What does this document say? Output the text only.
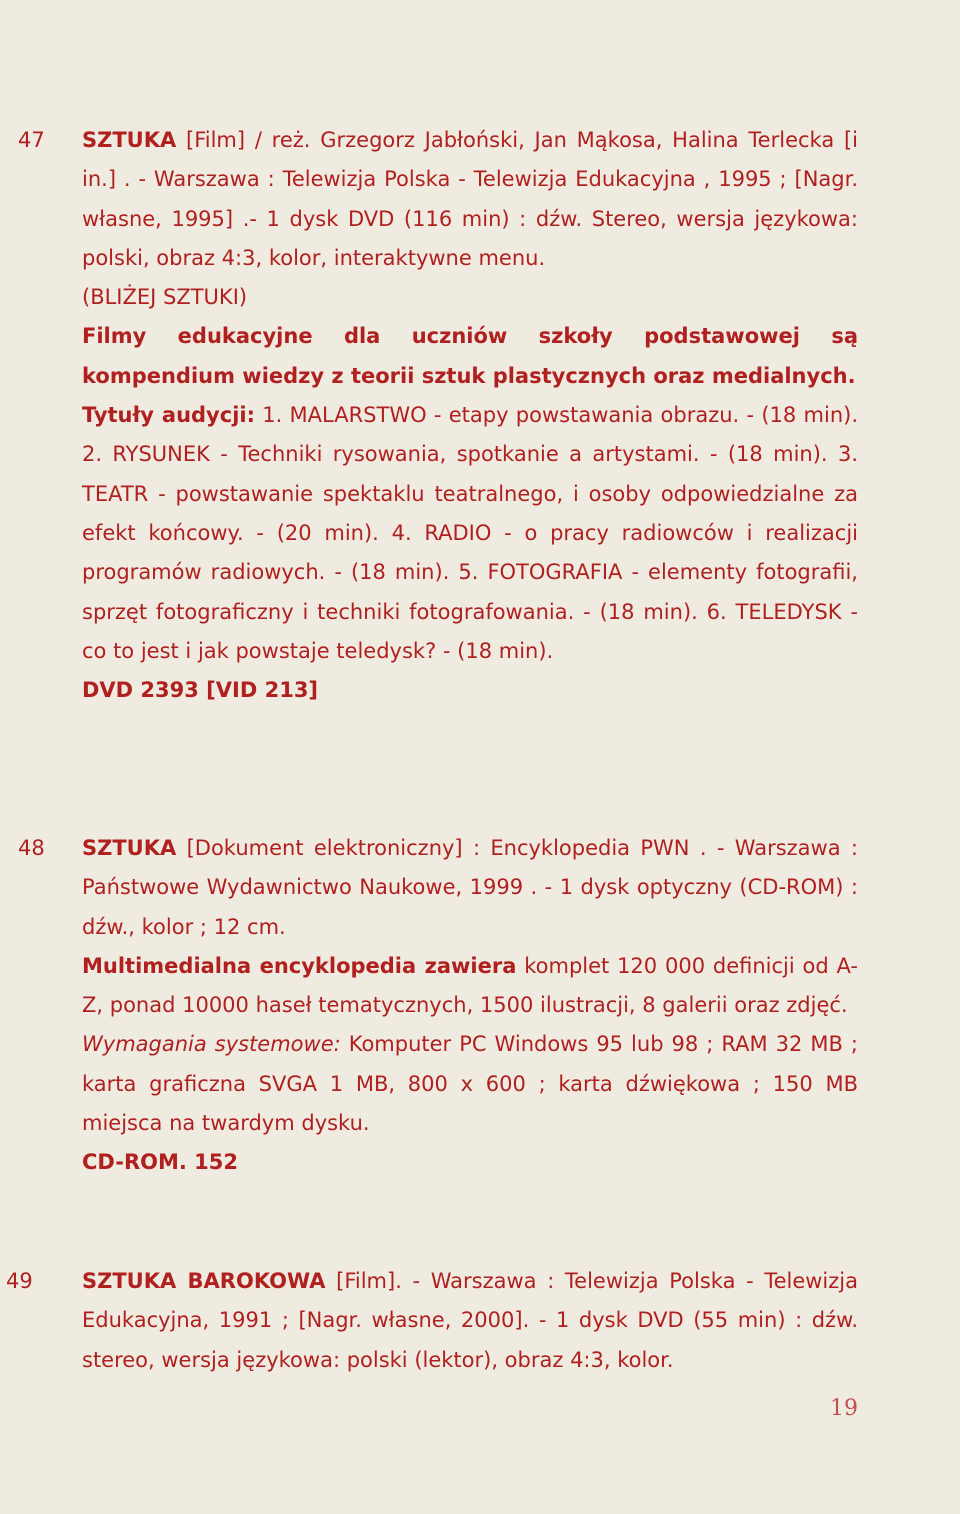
47 SZTUKA [Film] / reż. Grzegorz Jabłoński, Jan Mąkosa, Halina Terlecka [i in.] . - Warszawa : Telewizja Polska - Telewizja Edukacyjna , 1995 ; [Nagr. własne, 1995] .- 1 dysk DVD (116 min) : dźw. Stereo, wersja językowa: polski, obraz 4:3, kolor, interaktywne menu.

(BLIŻEJ SZTUKI)

Filmy edukacyjne dla uczniów szkoły podstawowej są kompendium wiedzy z teorii sztuk plastycznych oraz medialnych.

Tytuły audycji: 1. MALARSTWO - etapy powstawania obrazu. - (18 min). 2. RYSUNEK - Techniki rysowania, spotkanie a artystami. - (18 min). 3. TEATR - powstawanie spektaklu teatralnego, i osoby odpowiedzialne za efekt końcowy. - (20 min). 4. RADIO - o pracy radiowców i realizacji programów radiowych. - (18 min). 5. FOTOGRAFIA - elementy fotografii, sprzęt fotograficzny i techniki fotografowania. - (18 min). 6. TELEDYSK - co to jest i jak powstaje teledysk? - (18 min).

DVD 2393 [VID 213]

48 SZTUKA [Dokument elektroniczny] : Encyklopedia PWN . - Warszawa : Państwowe Wydawnictwo Naukowe, 1999 . - 1 dysk optyczny (CD-ROM) : dźw., kolor ; 12 cm.

Multimedialna encyklopedia zawiera komplet 120 000 definicji od A-Z, ponad 10000 haseł tematycznych, 1500 ilustracji, 8 galerii oraz zdjęć.

Wymagania systemowe: Komputer PC Windows 95 lub 98 ; RAM 32 MB ; karta graficzna SVGA 1 MB, 800 x 600 ; karta dźwiękowa ; 150 MB miejsca na twardym dysku.

CD-ROM. 152

49 SZTUKA BAROKOWA [Film]. - Warszawa : Telewizja Polska - Telewizja Edukacyjna, 1991 ; [Nagr. własne, 2000]. - 1 dysk DVD (55 min) : dźw. stereo, wersja językowa: polski (lektor), obraz 4:3, kolor.

19
